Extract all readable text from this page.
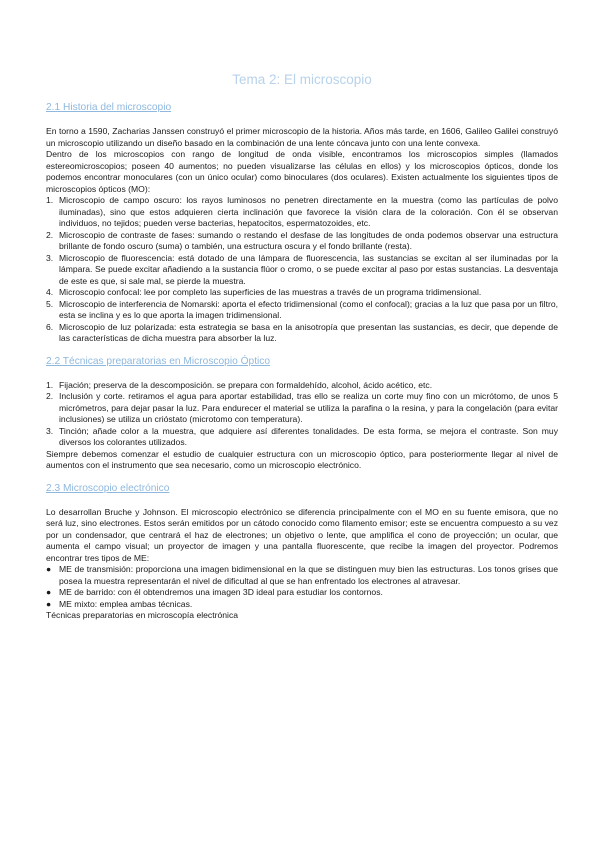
Tema 2: El microscopio
2.1 Historia del microscopio

En torno a 1590, Zacharias Janssen construyó el primer microscopio de la historia. Años más tarde, en 1606, Galileo Galilei construyó un microscopio utilizando un diseño basado en la combinación de una lente cóncava junto con una lente convexa.

Dentro de los microscopios con rango de longitud de onda visible, encontramos los microscopios simples (llamados estereomicroscopios; poseen 40 aumentos; no pueden visualizarse las células en ellos) y los microscopios ópticos, donde los podemos encontrar monoculares (con un único ocular) como binoculares (dos oculares). Existen actualmente los siguientes tipos de microscopios ópticos (MO):

1. Microscopio de campo oscuro: los rayos luminosos no penetren directamente en la muestra (como las partículas de polvo iluminadas), sino que estos adquieren cierta inclinación que favorece la visión clara de la coloración. Con él se observan individuos, no tejidos; pueden verse bacterias, hepatocitos, espermatozoides, etc.
2. Microscopio de contraste de fases: sumando o restando el desfase de las longitudes de onda podemos observar una estructura brillante de fondo oscuro (suma) o también, una estructura oscura y el fondo brillante (resta).
3. Microscopio de fluorescencia: está dotado de una lámpara de fluorescencia, las sustancias se excitan al ser iluminadas por la lámpara. Se puede excitar añadiendo a la sustancia flúor o cromo, o se puede excitar al paso por estas sustancias. La desventaja de este es que, si sale mal, se pierde la muestra.
4. Microscopio confocal: lee por completo las superficies de las muestras a través de un programa tridimensional.
5. Microscopio de interferencia de Nomarski: aporta el efecto tridimensional (como el confocal); gracias a la luz que pasa por un filtro, esta se inclina y es lo que aporta la imagen tridimensional.
6. Microscopio de luz polarizada: esta estrategia se basa en la anisotropía que presentan las sustancias, es decir, que depende de las características de dicha muestra para absorber la luz.
2.2 Técnicas preparatorias en Microscopio Óptico
1. Fijación; preserva de la descomposición. se prepara con formaldehído, alcohol, ácido acético, etc.
2. Inclusión y corte. retiramos el agua para aportar estabilidad, tras ello se realiza un corte muy fino con un micrótomo, de unos 5 micrómetros, para dejar pasar la luz. Para endurecer el material se utiliza la parafina o la resina, y para la congelación (para evitar inclusiones) se utiliza un crióstato (microtomo con temperatura).
3. Tinción; añade color a la muestra, que adquiere así diferentes tonalidades. De esta forma, se mejora el contraste. Son muy diversos los colorantes utilizados.

Siempre debemos comenzar el estudio de cualquier estructura con un microscopio óptico, para posteriormente llegar al nivel de aumentos con el instrumento que sea necesario, como un microscopio electrónico.

2.3 Microscopio electrónico

Lo desarrollan Bruche y Johnson. El microscopio electrónico se diferencia principalmente con el MO en su fuente emisora, que no será luz, sino electrones. Estos serán emitidos por un cátodo conocido como filamento emisor; este se encuentra compuesto a su vez por un condensador, que centrará el haz de electrones; un objetivo o lente, que amplifica el cono de proyección; un ocular, que aumenta el campo visual; un proyector de imagen y una pantalla fluorescente, que recibe la imagen del proyector. Podremos encontrar tres tipos de ME:

● ME de transmisión: proporciona una imagen bidimensional en la que se distinguen muy bien las estructuras. Los tonos grises que posea la muestra representarán el nivel de dificultad al que se han enfrentado los electrones al atravesar.
● ME de barrido: con él obtendremos una imagen 3D ideal para estudiar los contornos.
● ME mixto: emplea ambas técnicas.

Técnicas preparatorias en microscopía electrónica
